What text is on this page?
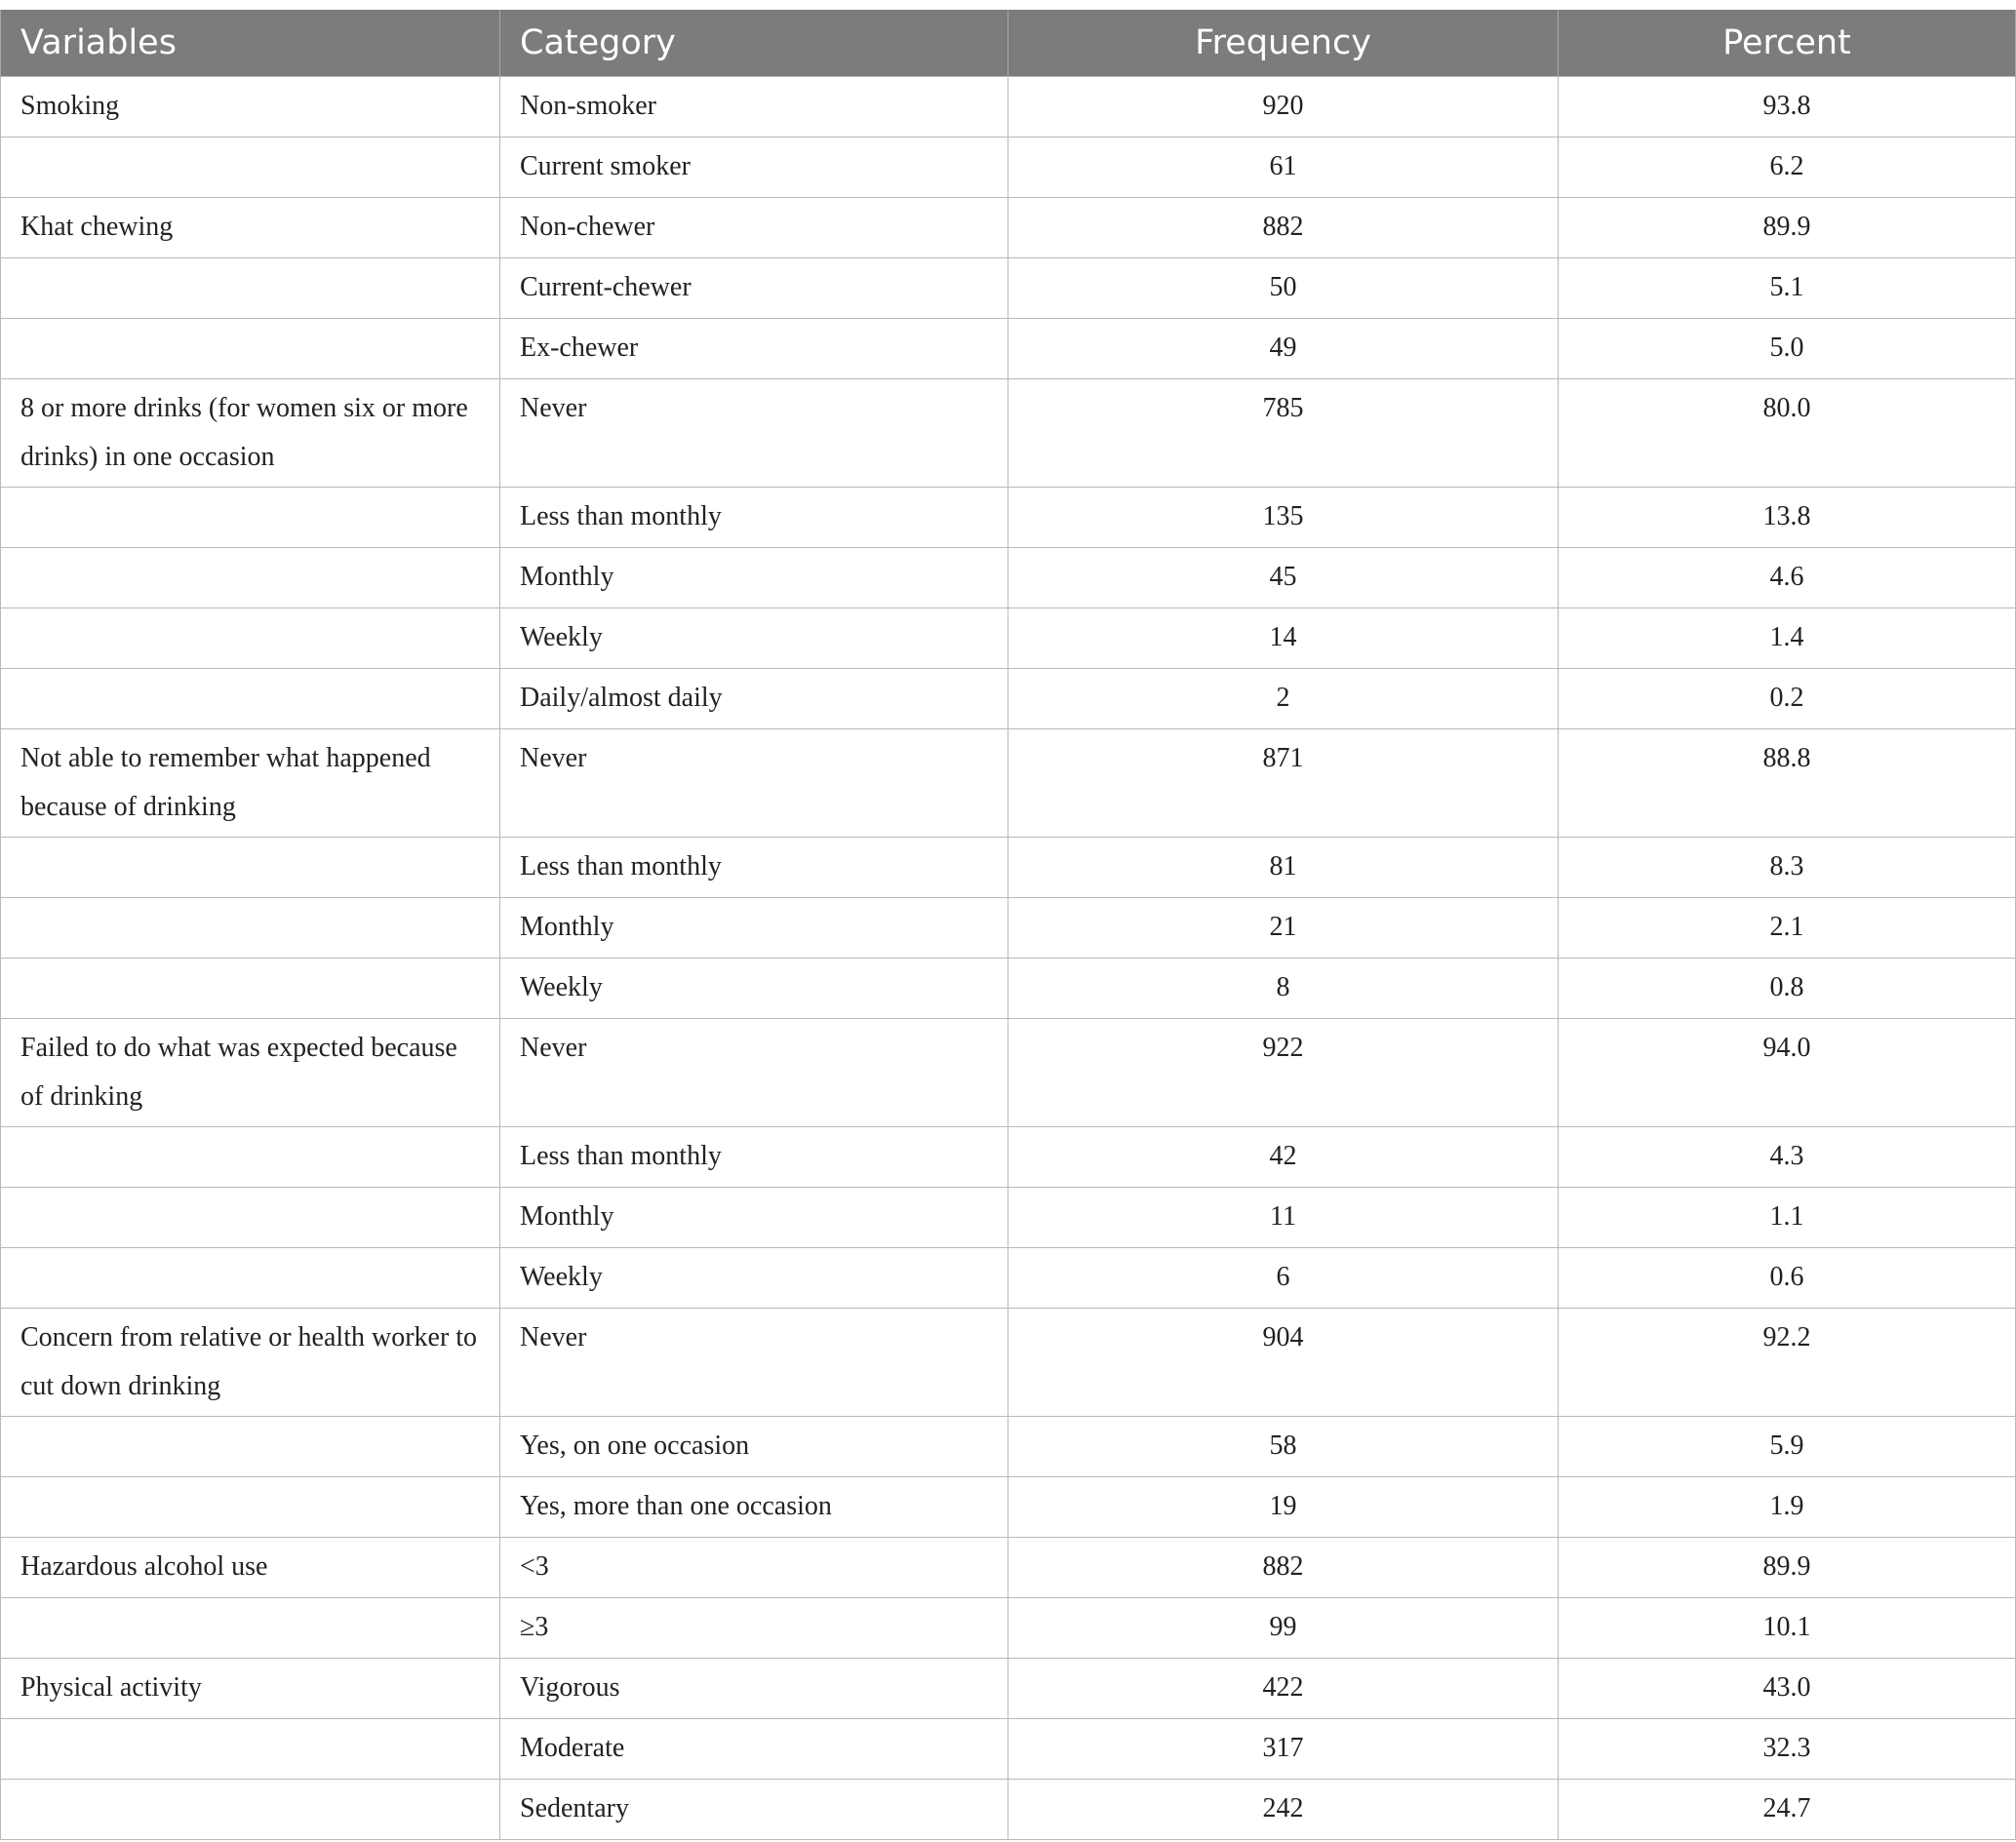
Variables	Category	Frequency	Percent

Smoking	Non-smoker	920	93.8

	Current smoker	61	6.2

Khat chewing	Non-chewer	882	89.9

	Current-chewer	50	5.1

	Ex-chewer	49	5.0

8 or more drinks (for women six or more drinks) in one occasion	Never	785	80.0

	Less than monthly	135	13.8

	Monthly	45	4.6

	Weekly	14	1.4

	Daily/almost daily	2	0.2

Not able to remember what happened because of drinking	Never	871	88.8

	Less than monthly	81	8.3

	Monthly	21	2.1

	Weekly	8	0.8

Failed to do what was expected because of drinking	Never	922	94.0

	Less than monthly	42	4.3

	Monthly	11	1.1

	Weekly	6	0.6

Concern from relative or health worker to cut down drinking	Never	904	92.2

	Yes, on one occasion	58	5.9

	Yes, more than one occasion	19	1.9

Hazardous alcohol use	<3	882	89.9

	≥3	99	10.1

Physical activity	Vigorous	422	43.0

	Moderate	317	32.3

	Sedentary	242	24.7
